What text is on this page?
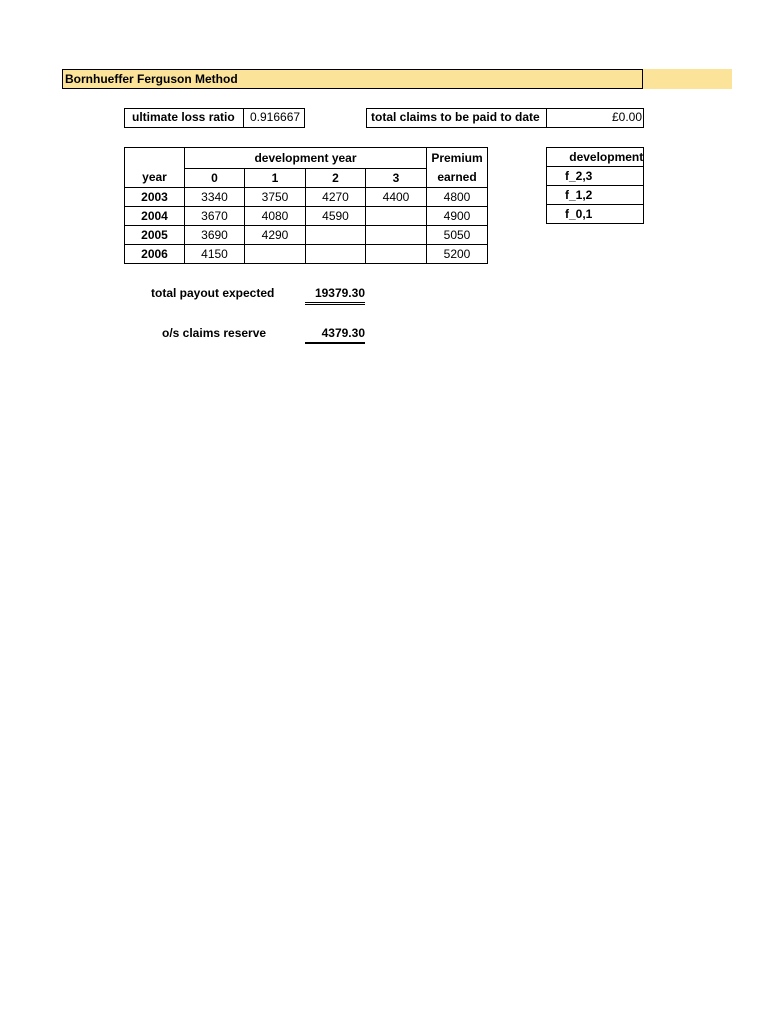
Bornhueffer Ferguson Method
ultimate loss ratio	0.916667	total claims to be paid to date	£0.00
	development year				Premium
year	0	1	2	3	earned
2003	3340	3750	4270	4400	4800
2004	3670	4080	4590		4900
2005	3690	4290			5050
2006	4150				5200
development
f_2,3
f_1,2
f_0,1
total payout expected	19379.30
o/s claims reserve	4379.30
